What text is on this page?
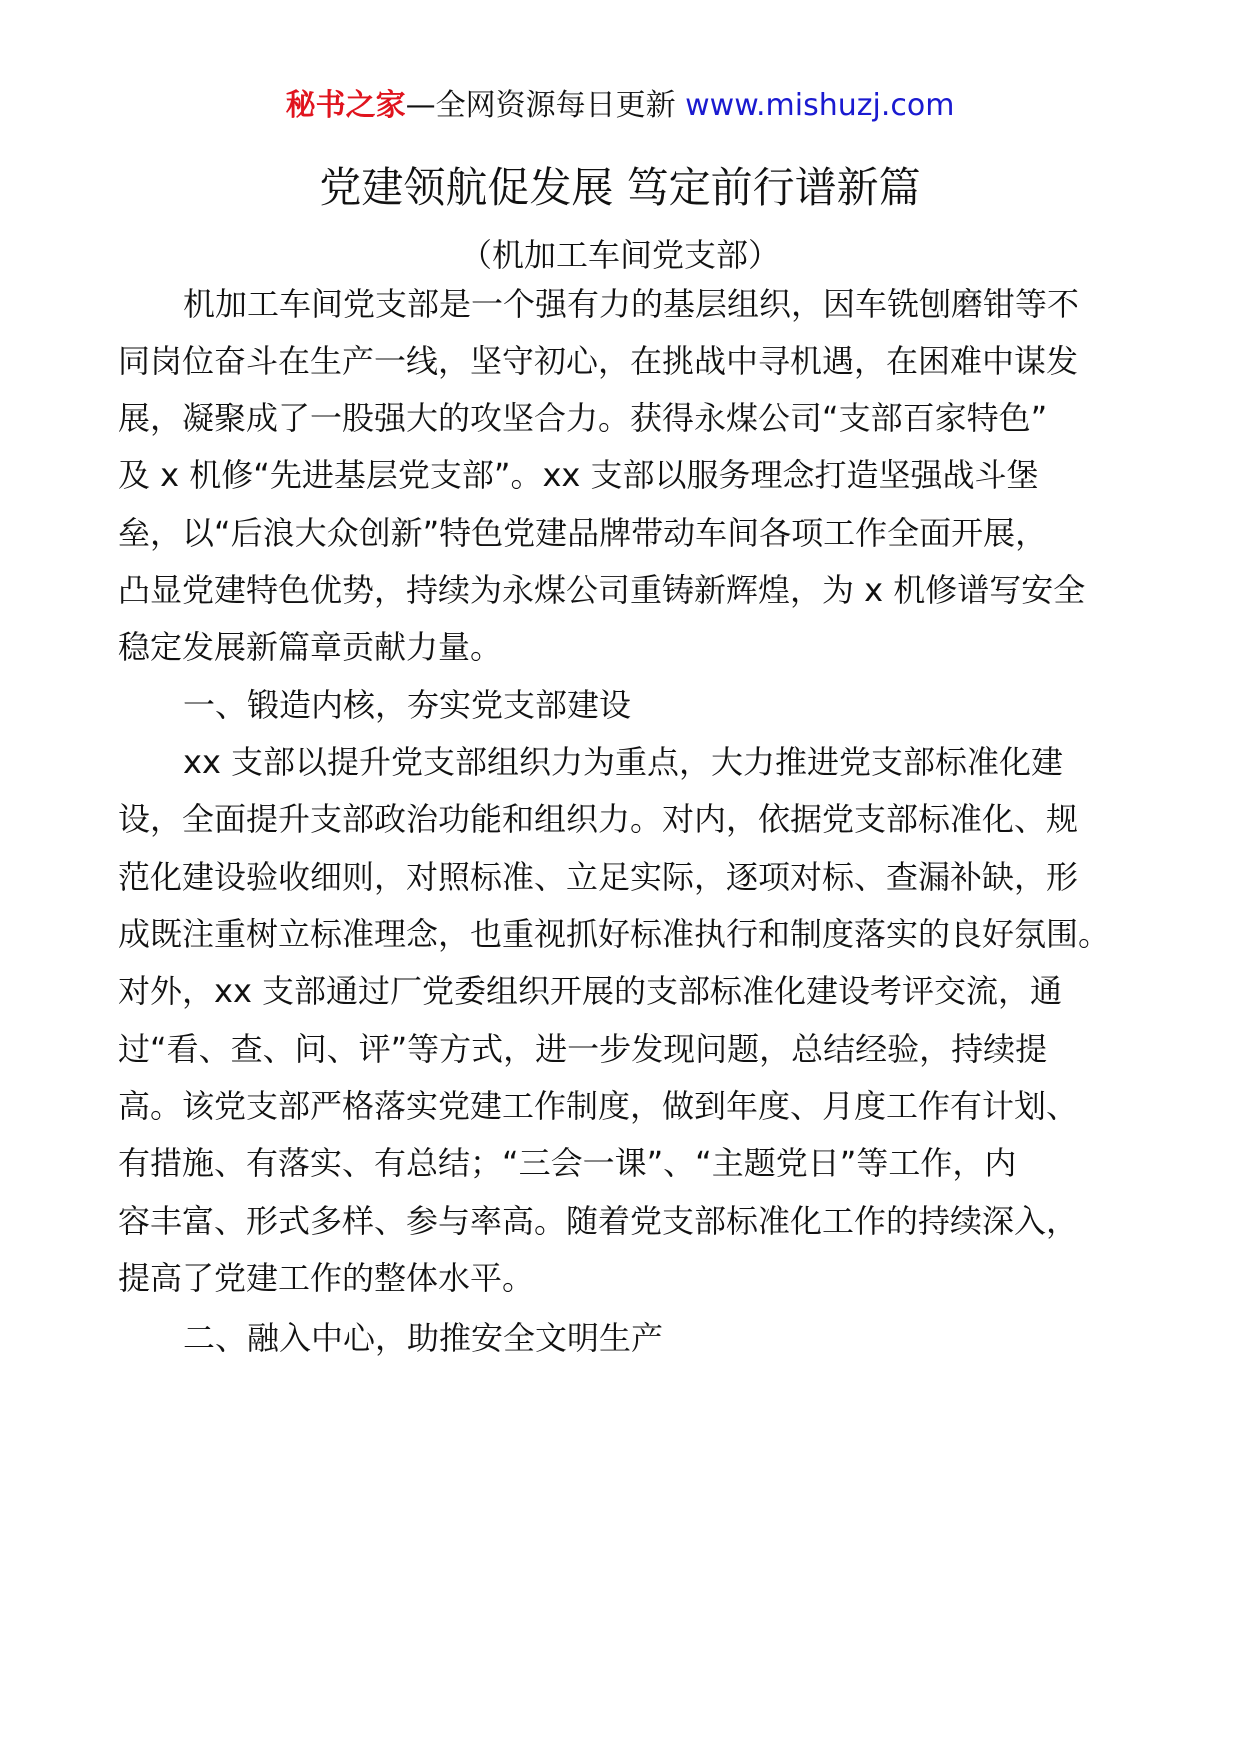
秘书之家—全网资源每日更新 www.mishuzj.com
党建领航促发展 笃定前行谱新篇

（机加工车间党支部）

机加工车间党支部是一个强有力的基层组织，因车铣刨磨钳等不

同岗位奋斗在生产一线，坚守初心，在挑战中寻机遇，在困难中谋发

展，凝聚成了一股强大的攻坚合力。获得永煤公司“支部百家特色”

及 x 机修“先进基层党支部”。xx 支部以服务理念打造坚强战斗堡

垒，以“后浪大众创新”特色党建品牌带动车间各项工作全面开展，

凸显党建特色优势，持续为永煤公司重铸新辉煌，为 x 机修谱写安全

稳定发展新篇章贡献力量。

一、锻造内核，夯实党支部建设

xx 支部以提升党支部组织力为重点，大力推进党支部标准化建

设，全面提升支部政治功能和组织力。对内，依据党支部标准化、规

范化建设验收细则，对照标准、立足实际，逐项对标、查漏补缺，形

成既注重树立标准理念，也重视抓好标准执行和制度落实的良好氛围。

对外，xx 支部通过厂党委组织开展的支部标准化建设考评交流，通

过“看、查、问、评”等方式，进一步发现问题，总结经验，持续提

高。该党支部严格落实党建工作制度，做到年度、月度工作有计划、

有措施、有落实、有总结；“三会一课”、“主题党日”等工作，内

容丰富、形式多样、参与率高。随着党支部标准化工作的持续深入，

提高了党建工作的整体水平。

二、融入中心，助推安全文明生产
